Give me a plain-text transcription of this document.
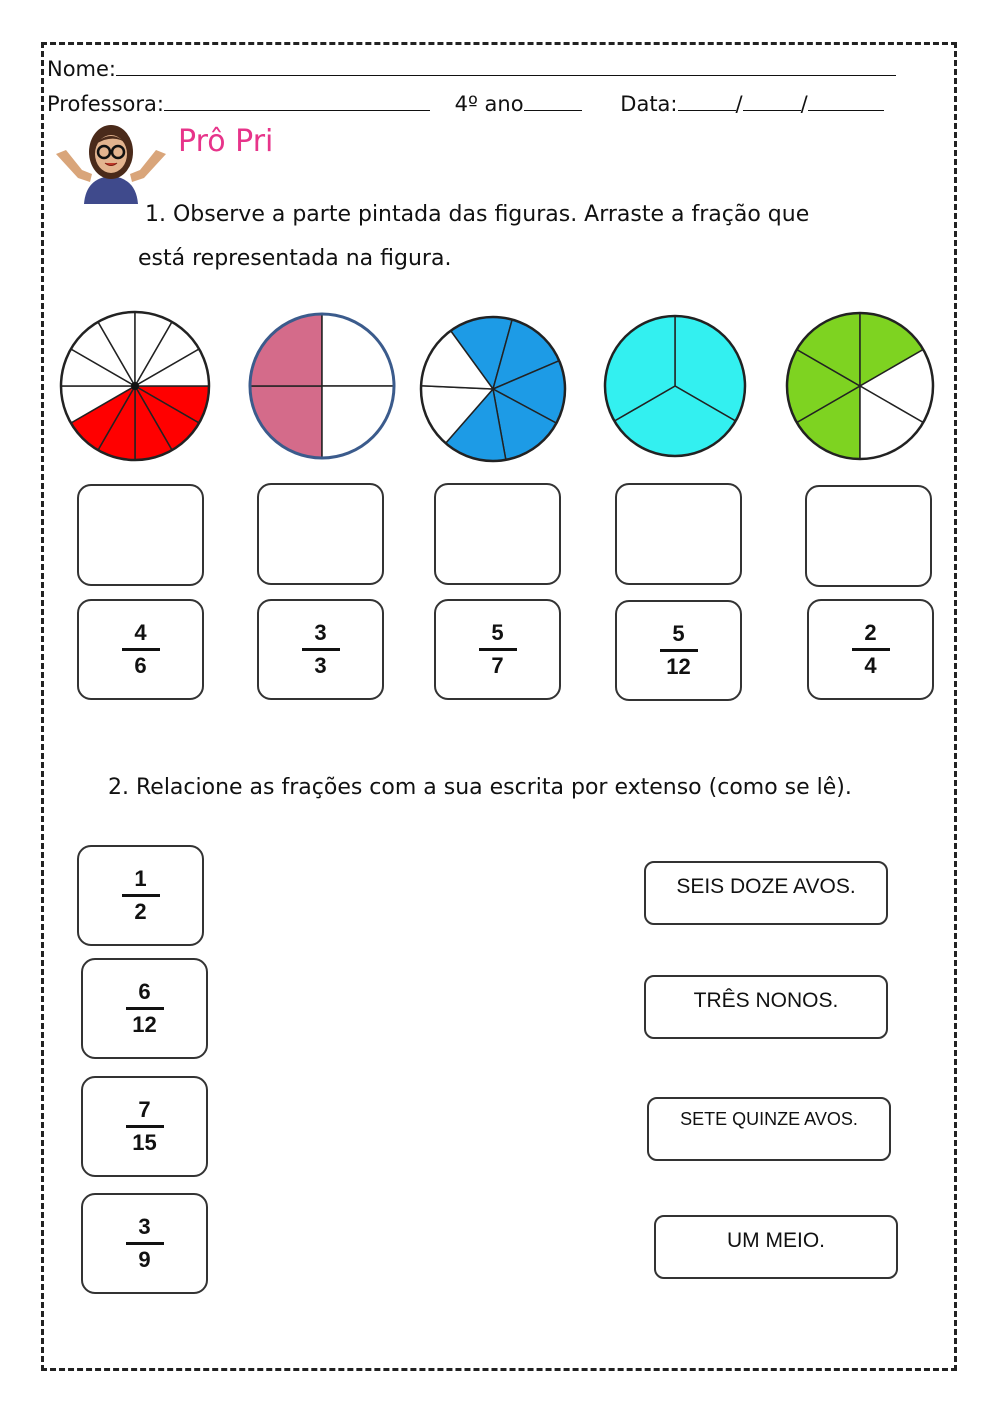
Nome:
Professora:	4º ano	Data:	/	/
Prô Pri
1. Observe a parte pintada das figuras. Arraste a fração que
está representada na figura.
4
6
3
3
5
7
5
12
2
4
2. Relacione as frações com a sua escrita por extenso (como se lê).
1
2
6
12
7
15
3
9
SEIS DOZE AVOS.
TRÊS NONOS.
SETE QUINZE AVOS.
UM MEIO.
